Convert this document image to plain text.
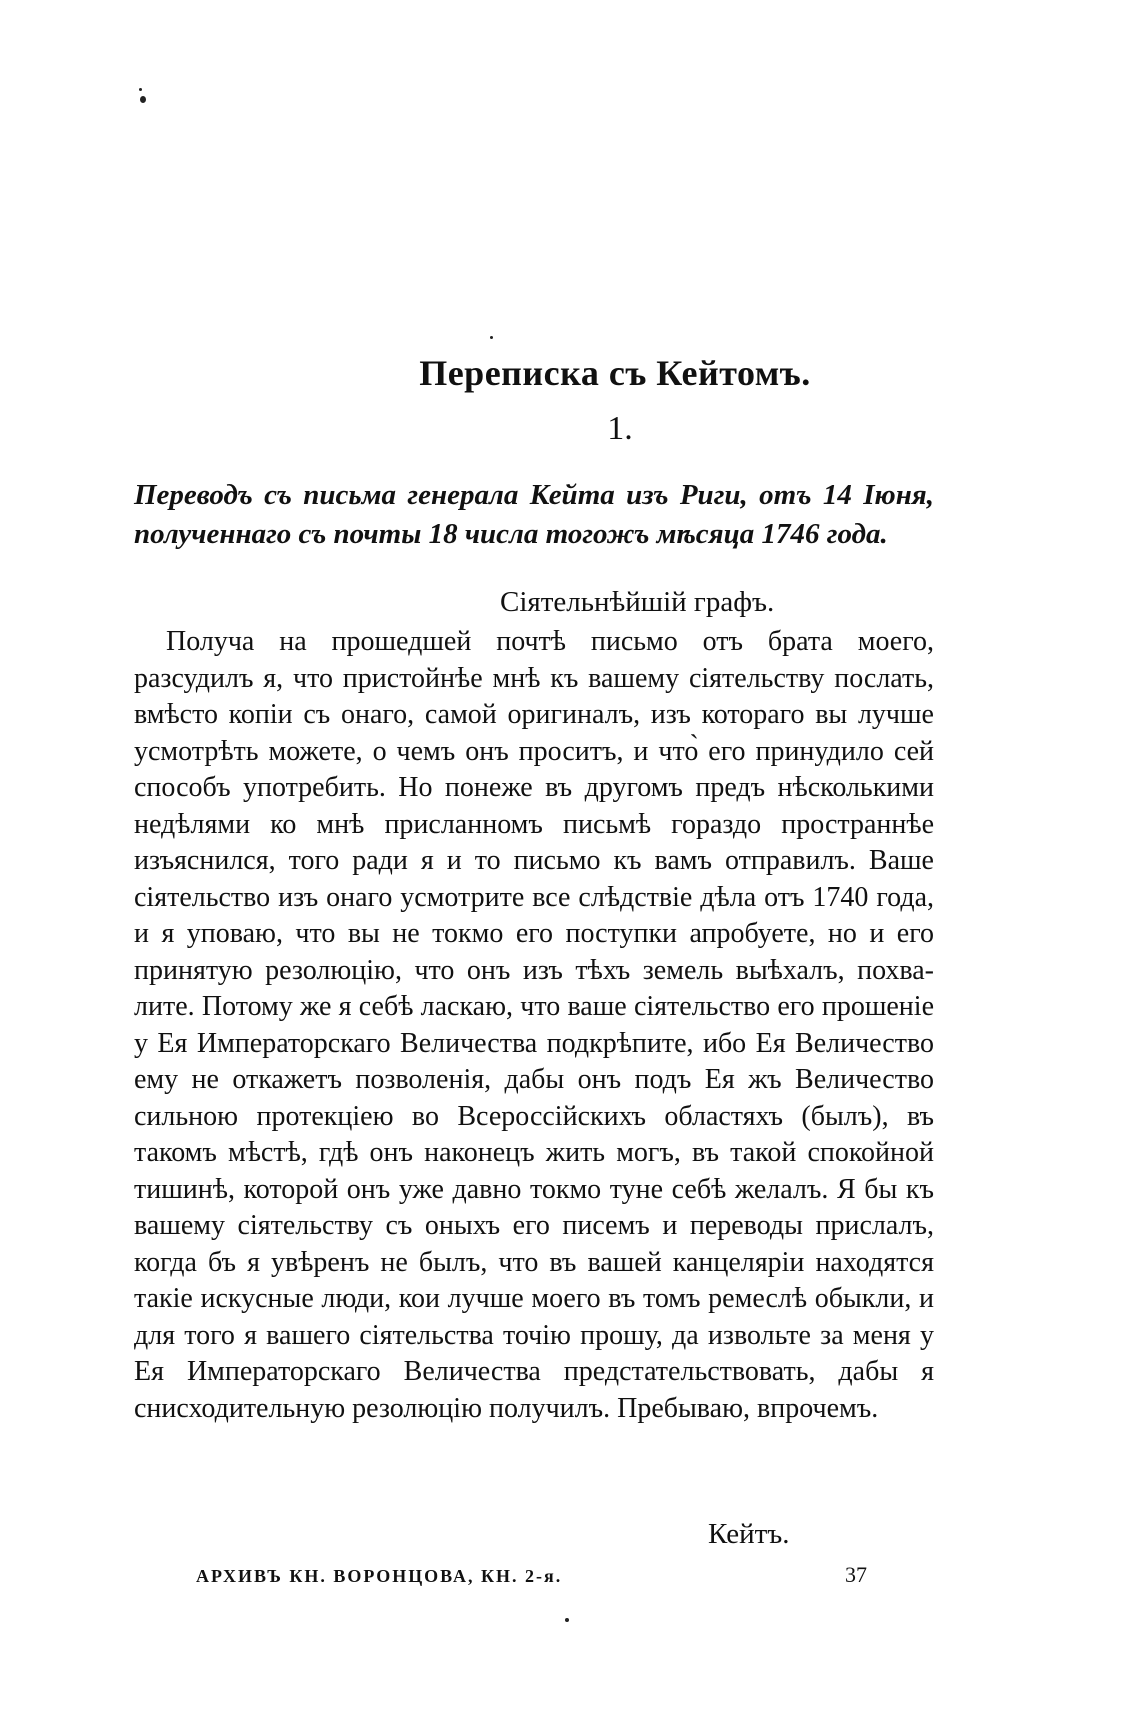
Переписка съ Кейтомъ.
1.

Переводъ съ письма генерала Кейта изъ Риги, отъ 14 Іюня, полученнаго съ почты 18 числа тогожъ мѣсяца 1746 года.

Сіятельнѣйшій графъ.

Получа на прошедшей почтѣ письмо отъ брата моего, разсудилъ я, что пристойнѣе мнѣ къ вашему сіятельству послать, вмѣсто копіи съ онаго, самой оригиналъ, изъ котораго вы лучше усмотрѣть можете, о чемъ онъ проситъ, и что̀ его принудило сей способъ употребить. Но понеже въ другомъ предъ нѣсколькими недѣлями ко мнѣ присланномъ письмѣ гораздо пространнѣе изъяснился, того ради я и то письмо къ вамъ отправилъ. Ваше сіятельство изъ онаго усмотрите все слѣдствіе дѣла отъ 1740 года, и я уповаю, что вы не токмо его поступки апробуете, но и его принятую резолюцію, что онъ изъ тѣхъ земель выѣхалъ, похвалите. Потому же я себѣ ласкаю, что ваше сіятельство его прошеніе у Ея Императорскаго Величества подкрѣпите, ибо Ея Величество ему не откажетъ позволенія, дабы онъ подъ Ея жъ Величество сильною протекціею во Всероссійскихъ областяхъ (былъ), въ такомъ мѣстѣ, гдѣ онъ наконецъ жить могъ, въ такой спокойной тишинѣ, которой онъ уже давно токмо туне себѣ желалъ. Я бы къ вашему сіятельству съ оныхъ его писемъ и переводы прислалъ, когда бъ я увѣренъ не былъ, что въ вашей канцеляріи находятся такіе искусные люди, кои лучше моего въ томъ ремеслѣ обыкли, и для того я вашего сіятельства точію прошу, да извольте за меня у Ея Императорскаго Величества предстательствовать, дабы я снисходительную резолюцію получилъ. Пребываю, впрочемъ.

Кейтъ.

АРХИВЪ КН. ВОРОНЦОВА, КН. 2-я.	37
